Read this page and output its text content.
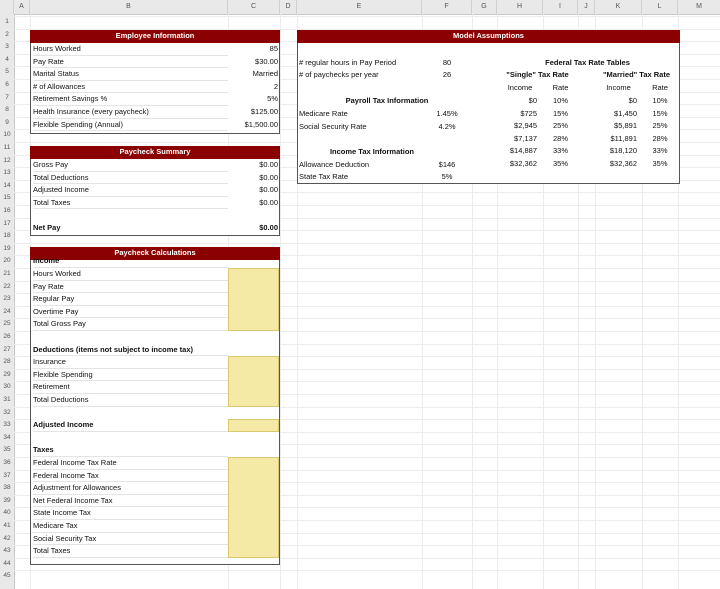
A	B	C	D	E	F	G	H	I	J	K	L	M
1
2
3
4
5
6
7
8
9
10
11
12
13
14
15
16
17
18
19
20
21
22
23
24
25
26
27
28
29
30
31
32
33
34
35
36
37
38
39
40
41
42
43
44
45
Employee Information
Hours Worked	85
Pay Rate	$30.00
Marital Status	Married
# of Allowances	2
Retirement Savings %	5%
Health Insurance (every paycheck)	$125.00
Flexible Spending (Annual)	$1,500.00
Paycheck Summary
Gross Pay	$0.00
Total Deductions	$0.00
Adjusted Income	$0.00
Total Taxes	$0.00
Net Pay	$0.00
Paycheck Calculations
Income
Hours Worked
Pay Rate
Regular Pay
Overtime Pay
Total Gross Pay
Deductions (items not subject to income tax)
Insurance
Flexible Spending
Retirement
Total Deductions
Adjusted Income
Taxes
Federal Income Tax Rate
Federal Income Tax
Adjustment for Allowances
Net Federal Income Tax
State Income Tax
Medicare Tax
Social Security Tax
Total Taxes
Model Assumptions
# regular hours in Pay Period	80
# of paychecks per year	26
Payroll Tax Information
Medicare Rate	1.45%
Social Security Rate	4.2%
Income Tax Information
Allowance Deduction	$146
State Tax Rate	5%
Federal Tax Rate Tables
"Single" Tax Rate	"Married" Tax Rate
Income	Rate	Income	Rate
$0	10%	$0	10%
$725	15%	$1,450	15%
$2,945	25%	$5,891	25%
$7,137	28%	$11,891	28%
$14,887	33%	$18,120	33%
$32,362	35%	$32,362	35%
